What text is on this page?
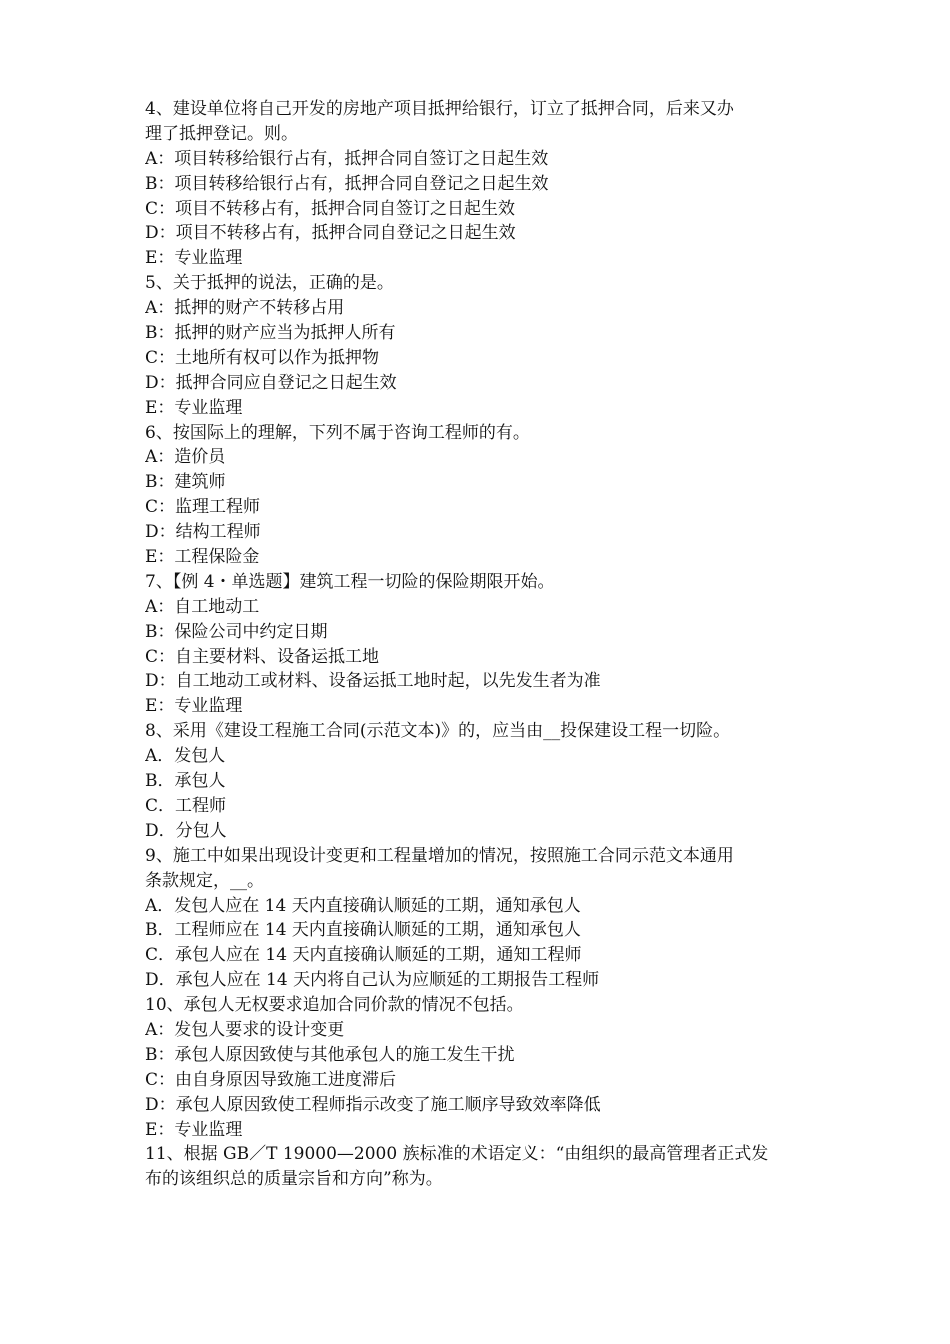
4、建设单位将自己开发的房地产项目抵押给银行，订立了抵押合同，后来又办
理了抵押登记。则。
A：项目转移给银行占有，抵押合同自签订之日起生效
B：项目转移给银行占有，抵押合同自登记之日起生效
C：项目不转移占有，抵押合同自签订之日起生效
D：项目不转移占有，抵押合同自登记之日起生效
E：专业监理
5、关于抵押的说法，正确的是。
A：抵押的财产不转移占用
B：抵押的财产应当为抵押人所有
C：土地所有权可以作为抵押物
D：抵押合同应自登记之日起生效
E：专业监理
6、按国际上的理解，下列不属于咨询工程师的有。
A：造价员
B：建筑师
C：监理工程师
D：结构工程师
E：工程保险金
7、【例 4・单选题】建筑工程一切险的保险期限开始。
A：自工地动工
B：保险公司中约定日期
C：自主要材料、设备运抵工地
D：自工地动工或材料、设备运抵工地时起，以先发生者为准
E：专业监理
8、采用《建设工程施工合同(示范文本)》的，应当由__投保建设工程一切险。
A．发包人
B．承包人
C．工程师
D．分包人
9、施工中如果出现设计变更和工程量增加的情况，按照施工合同示范文本通用
条款规定，__。
A．发包人应在 14 天内直接确认顺延的工期，通知承包人
B．工程师应在 14 天内直接确认顺延的工期，通知承包人
C．承包人应在 14 天内直接确认顺延的工期，通知工程师
D．承包人应在 14 天内将自己认为应顺延的工期报告工程师
10、承包人无权要求追加合同价款的情况不包括。
A：发包人要求的设计变更
B：承包人原因致使与其他承包人的施工发生干扰
C：由自身原因导致施工进度滞后
D：承包人原因致使工程师指示改变了施工顺序导致效率降低
E：专业监理
11、根据 GB／T 19000—2000 族标准的术语定义：“由组织的最高管理者正式发
布的该组织总的质量宗旨和方向”称为。
